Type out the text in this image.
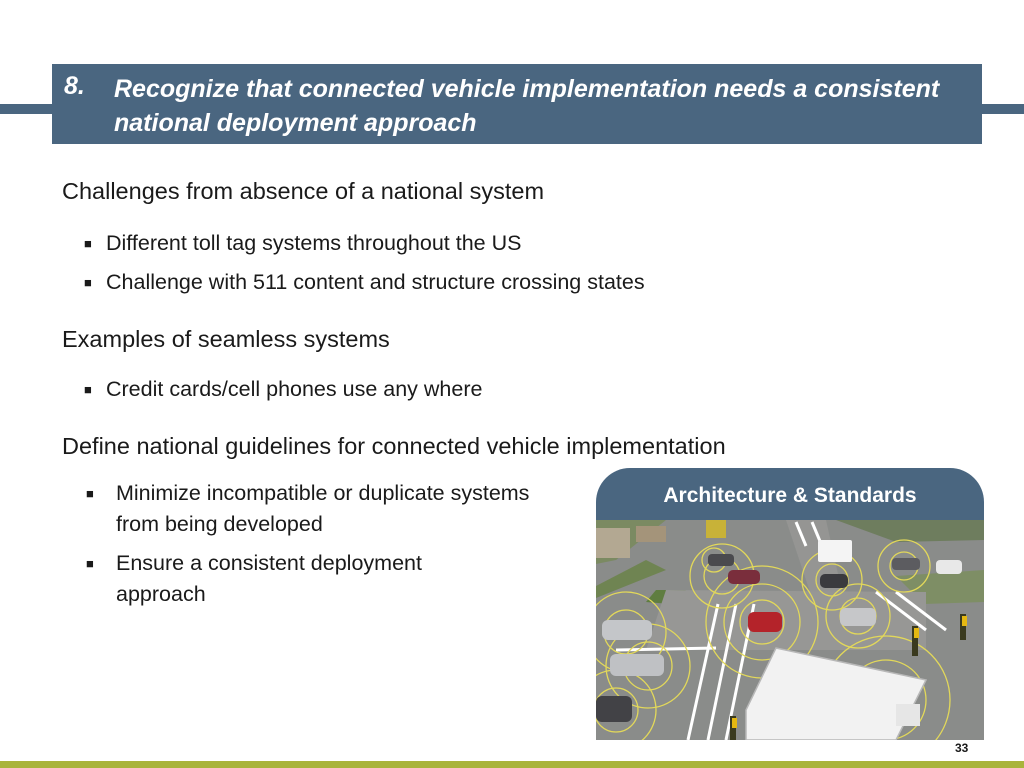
8. Recognize that connected vehicle implementation needs a consistent national deployment approach
Challenges from absence of a national system
■ Different toll tag systems throughout the US
■ Challenge with 511 content and structure crossing states
Examples of seamless systems
■ Credit cards/cell phones use any where
Define national guidelines for connected vehicle implementation
■ Minimize incompatible or duplicate systems from being developed
■ Ensure a consistent deployment approach
Architecture & Standards
33
